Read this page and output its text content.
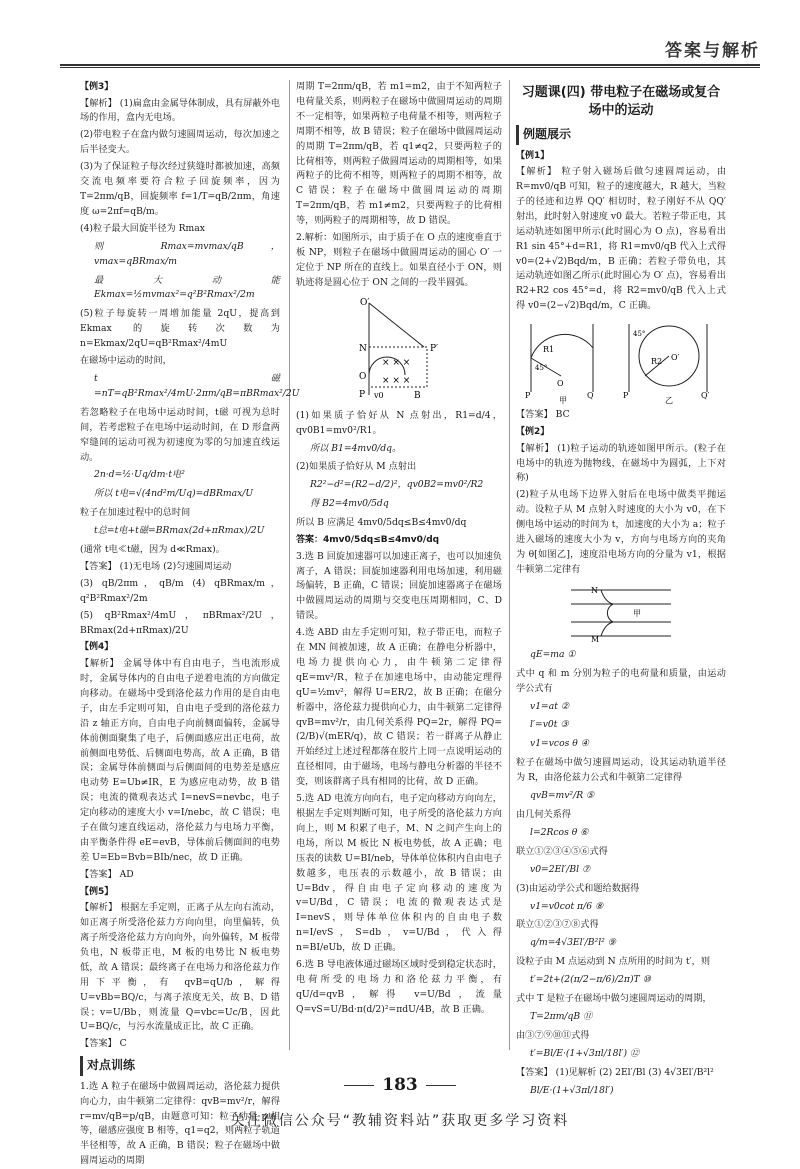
答案与解析

【例3】

【解析】 (1)扁盒由金属导体制成，具有屏蔽外电场的作用，盒内无电场。

(2)带电粒子在盒内做匀速圆周运动，每次加速之后半径变大。

(3)为了保证粒子每次经过狭缝时都被加速，高频交流电频率要符合粒子回旋频率，因为 T=2πm/qB，回旋频率 f=1/T=qB/2πm，角速度 ω=2πf=qB/m。

(4)粒子最大回旋半径为 Rmax

则 Rmax=mvmax/qB，vmax=qBRmax/m

最大动能 Ekmax=½mvmax²=q²B²Rmax²/2m

(5)粒子每旋转一周增加能量 2qU，提高到 Ekmax 的旋转次数为 n=Ekmax/2qU=qB²Rmax²/4mU

在磁场中运动的时间，

t磁=nT=qB²Rmax²/4mU·2πm/qB=πBRmax²/2U

若忽略粒子在电场中运动时间，t磁 可视为总时间，若考虑粒子在电场中运动时间，在 D 形盒两窄缝间的运动可视为初速度为零的匀加速直线运动。

2n·d=½·Uq/dm·t电²

所以 t电=√(4nd²m/Uq)=dBRmax/U

粒子在加速过程中的总时间

t总=t电+t磁=BRmax(2d+πRmax)/2U

(通常 t电≪t磁，因为 d≪Rmax)。

【答案】 (1)无电场 (2)匀速圆周运动

(3) qB/2πm，qB/m (4) qBRmax/m，q²B²Rmax²/2m

(5) qB²Rmax²/4mU，πBRmax²/2U，BRmax(2d+πRmax)/2U

【例4】

【解析】 金属导体中有自由电子，当电流形成时，金属导体内的自由电子逆着电流的方向做定向移动。在磁场中受到洛伦兹力作用的是自由电子，由左手定则可知，自由电子受到的洛伦兹力沿 z 轴正方向，自由电子向前侧面偏转，金属导体前侧面聚集了电子，后侧面感应出正电荷，故前侧面电势低、后侧面电势高，故 A 正确，B 错误；金属导体前侧面与后侧面间的电势差是感应电动势 E=Ub≠IR，E 为感应电动势，故 B 错误；电流的微观表达式 I=nevS=nevbc，电子定向移动的速度大小 v=I/nebc，故 C 错误；电子在做匀速直线运动，洛伦兹力与电场力平衡，由平衡条件得 eE=evB，导体前后侧面间的电势差 U=Eb=Bvb=BIb/nec，故 D 正确。

【答案】 AD

【例5】

【解析】 根据左手定则，正离子从左向右流动，如正离子所受洛伦兹力方向向里，向里偏转，负离子所受洛伦兹力方向向外，向外偏转，M 板带负电，N 板带正电，M 板的电势比 N 板电势低，故 A 错误；最终离子在电场力和洛伦兹力作用下平衡，有 qvB=qU/b，解得 U=vBb=BQ/c，与离子浓度无关，故 B、D 错误；v=U/Bb，则流量 Q=vbc=Uc/B，因此 U=BQ/c，与污水流量成正比，故 C 正确。

【答案】 C

对点训练

1.选 A 粒子在磁场中做圆周运动，洛伦兹力提供向心力，由牛顿第二定律得：qvB=mv²/r，解得 r=mv/qB=p/qB，由题意可知：粒子动量 p 相等，磁感应强度 B 相等，q1=q2，则两粒子轨道半径相等，故 A 正确，B 错误；粒子在磁场中做圆周运动的周期

周期 T=2πm/qB，若 m1=m2，由于不知两粒子电荷量关系，则两粒子在磁场中做圆周运动的周期不一定相等，如果两粒子电荷量不相等，则两粒子周期不相等，故 B 错误；粒子在磁场中做圆周运动的周期 T=2πm/qB，若 q1≠q2，只要两粒子的比荷相等，则两粒子做圆周运动的周期相等，如果两粒子的比荷不相等，则两粒子的周期不相等，故 C 错误；粒子在磁场中做圆周运动的周期 T=2πm/qB，若 m1≠m2，只要两粒子的比荷相等，则两粒子的周期相等，故 D 错误。

2.解析：如图所示，由于质子在 O 点的速度垂直于板 NP，则粒子在磁场中做圆周运动的圆心 O′ 一定位于 NP 所在的直线上。如果直径小于 ON，则轨迹将是圆心位于 ON 之间的一段半圆弧。

O′
N
O
P
P′
× × ×
× × ×
B
v0

(1)如果质子恰好从 N 点射出，R1=d/4，qv0B1=mv0²/R1。

所以 B1=4mv0/dq。

(2)如果质子恰好从 M 点射出

R2²−d²=(R2−d/2)²，qv0B2=mv0²/R2

得 B2=4mv0/5dq

所以 B 应满足 4mv0/5dq≤B≤4mv0/dq

答案：4mv0/5dq≤B≤4mv0/dq

3.选 B 回旋加速器可以加速正离子，也可以加速负离子，A 错误；回旋加速器利用电场加速，利用磁场偏转，B 正确，C 错误；回旋加速器离子在磁场中做圆周运动的周期与交变电压周期相同，C、D 错误。

4.选 ABD 由左手定则可知，粒子带正电，而粒子在 MN 间被加速，故 A 正确；在静电分析器中，电场力提供向心力，由牛顿第二定律得 qE=mv²/R，粒子在加速电场中，由动能定理得 qU=½mv²，解得 U=ER/2，故 B 正确；在磁分析器中，洛伦兹力提供向心力，由牛顿第二定律得 qvB=mv²/r，由几何关系得 PQ=2r，解得 PQ=(2/B)√(mER/q)，故 C 错误；若一群离子从静止开始经过上述过程都落在胶片上同一点说明运动的直径相同，由于磁场，电场与静电分析器的半径不变，则该群离子具有相同的比荷，故 D 正确。

5.选 AD 电流方向向右，电子定向移动方向向左，根据左手定则判断可知，电子所受的洛伦兹力方向向上，则 M 积累了电子，M、N 之间产生向上的电场，所以 M 板比 N 板电势低，故 A 正确；电压表的读数 U=BI/neb，导体单位体积内自由电子数越多，电压表的示数越小，故 B 错误；由 U=Bdv，得自由电子定向移动的速度为 v=U/Bd，C 错误；电流的微观表达式是 I=nevS，则导体单位体积内的自由电子数 n=I/evS，S=db，v=U/Bd，代入得 n=BI/eUb，故 D 正确。

6.选 B 导电液体通过磁场区域时受到稳定状态时，电荷所受的电场力和洛伦兹力平衡，有 qU/d=qvB，解得 v=U/Bd，流量 Q=vS=U/Bd·π(d/2)²=πdU/4B，故 B 正确。

习题课(四) 带电粒子在磁场或复合场中的运动

例题展示

【例1】

【解析】 粒子射入磁场后做匀速圆周运动，由 R=mv0/qB 可知，粒子的速度越大，R 越大，当粒子的径迹和边界 QQ′ 相切时，粒子刚好不从 QQ′ 射出，此时射入射速度 v0 最大。若粒子带正电，其运动轨迹如图甲所示(此时圆心为 O 点)，容易看出 R1 sin 45°+d=R1，将 R1=mv0/qB 代入上式得 v0=(2+√2)Bqd/m，B 正确；若粒子带负电，其运动轨迹如图乙所示(此时圆心为 O′ 点)，容易看出 R2+R2 cos 45°=d，将 R2=mv0/qB 代入上式得 v0=(2−√2)Bqd/m，C 正确。

P	Q
O
R1
45°
甲
P	Q′
O′
R2
45°
乙

【答案】 BC

【例2】

【解析】 (1)粒子运动的轨迹如图甲所示。(粒子在电场中的轨迹为抛物线，在磁场中为圆弧，上下对称)

(2)粒子从电场下边界入射后在电场中做类平抛运动。设粒子从 M 点射入时速度的大小为 v0，在下侧电场中运动的时间为 t，加速度的大小为 a；粒子进入磁场的速度大小为 v，方向与电场方向的夹角为 θ[如图乙]，速度沿电场方向的分量为 v1，根据牛顿第二定律有

N
M
甲

qE=ma ①

式中 q 和 m 分别为粒子的电荷量和质量，由运动学公式有

v1=at ②

l′=v0t ③

v1=vcos θ ④

粒子在磁场中做匀速圆周运动，设其运动轨道半径为 R，由洛伦兹力公式和牛顿第二定律得

qvB=mv²/R ⑤

由几何关系得

l=2Rcos θ ⑥

联立①②③④⑤⑥式得

v0=2El′/Bl ⑦

(3)由运动学公式和题给数据得

v1=v0cot π/6 ⑧

联立①②③⑦⑧式得

q/m=4√3El′/B²l² ⑨

设粒子由 M 点运动到 N 点所用的时间为 t′，则

t′=2t+(2(π/2−π/6)/2π)T ⑩

式中 T 是粒子在磁场中做匀速圆周运动的周期，

T=2πm/qB ⑪

由③⑦⑨⑩⑪式得

t′=Bl/E·(1+√3πl/18l′) ⑫

【答案】 (1)见解析 (2) 2El′/Bl (3) 4√3El′/B²l²

Bl/E·(1+√3πl/18l′)

183
关注微信公众号“教辅资料站”获取更多学习资料
